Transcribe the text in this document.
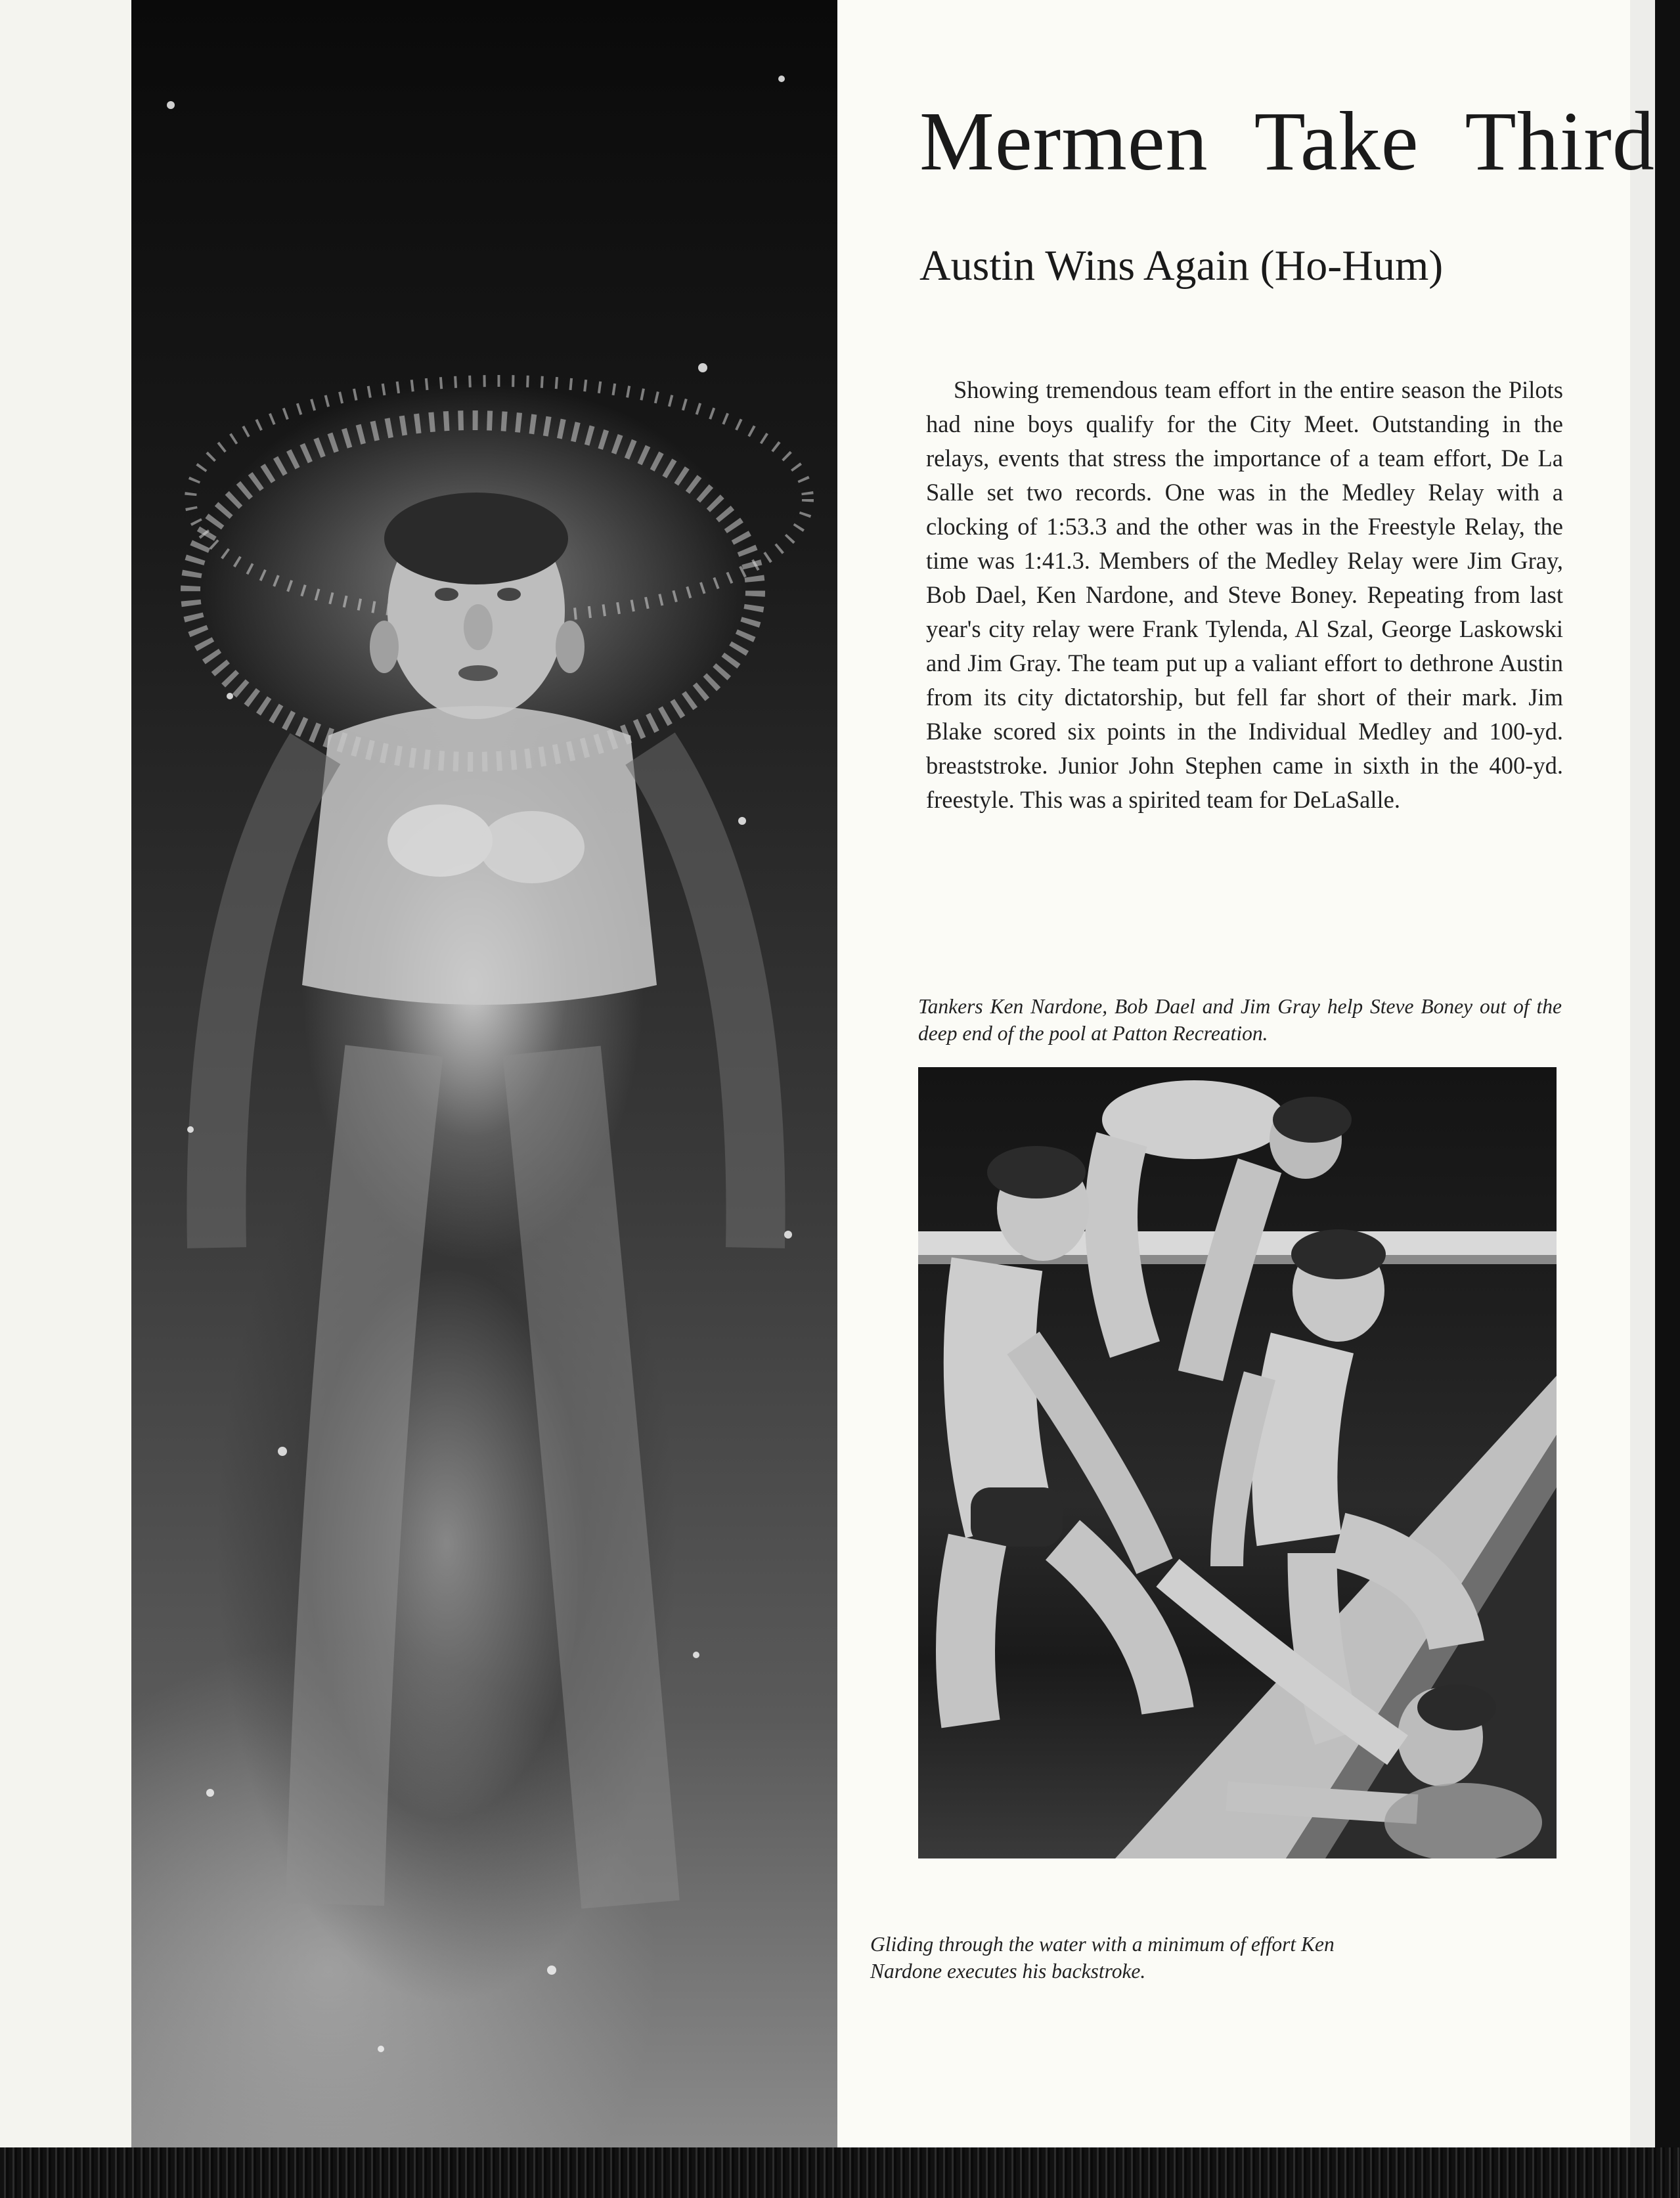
Mermen Take Third
Austin Wins Again (Ho-Hum)

Showing tremendous team effort in the entire season the Pilots had nine boys qualify for the City Meet. Outstanding in the relays, events that stress the importance of a team effort, De La Salle set two records. One was in the Medley Relay with a clocking of 1:53.3 and the other was in the Freestyle Relay, the time was 1:41.3. Members of the Medley Relay were Jim Gray, Bob Dael, Ken Nardone, and Steve Boney. Repeating from last year's city relay were Frank Tylenda, Al Szal, George Laskowski and Jim Gray. The team put up a valiant effort to dethrone Austin from its city dictatorship, but fell far short of their mark. Jim Blake scored six points in the Individual Medley and 100-yd. breaststroke. Junior John Stephen came in sixth in the 400-yd. freestyle. This was a spirited team for DeLaSalle.

Tankers Ken Nardone, Bob Dael and Jim Gray help Steve Boney out of the deep end of the pool at Patton Recreation.
Gliding through the water with a minimum of effort Ken Nardone executes his backstroke.
